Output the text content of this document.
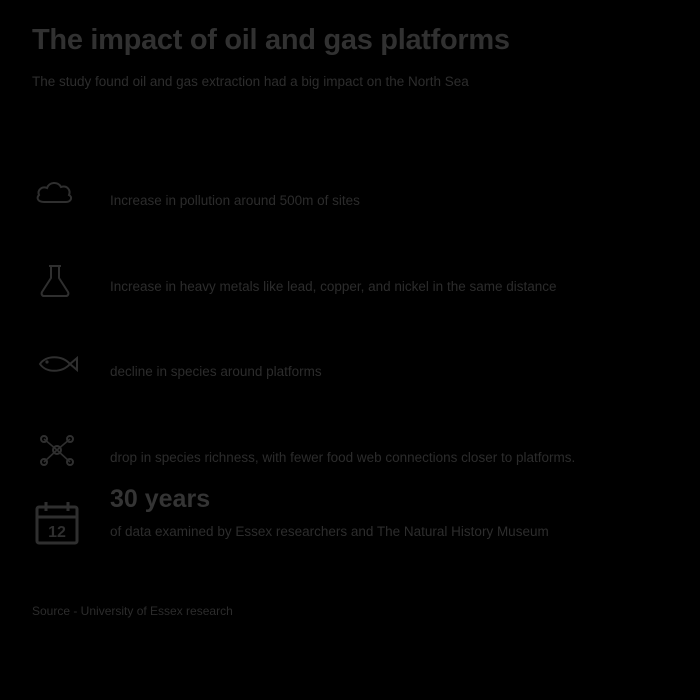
The impact of oil and gas platforms
The study found oil and gas extraction had a big impact on the North Sea
Increase in pollution around 500m of sites
Increase in heavy metals like lead, copper, and nickel in the same distance
decline in species around platforms
drop in species richness, with fewer food web connections closer to platforms.
12
30 years
of data examined by Essex researchers and The Natural History Museum
Source - University of Essex research
